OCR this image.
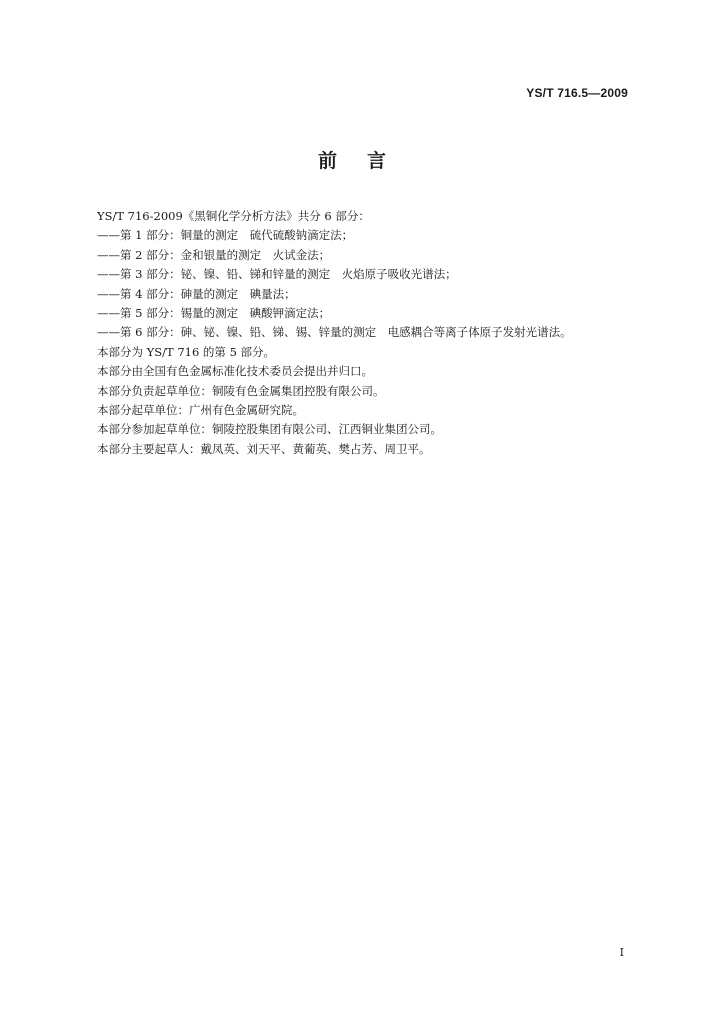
YS/T 716.5—2009
前言
YS/T 716-2009《黑铜化学分析方法》共分 6 部分：
——第 1 部分：铜量的测定　硫代硫酸钠滴定法；
——第 2 部分：金和银量的测定　火试金法；
——第 3 部分：铋、镍、铅、锑和锌量的测定　火焰原子吸收光谱法；
——第 4 部分：砷量的测定　碘量法；
——第 5 部分：锡量的测定　碘酸钾滴定法；
——第 6 部分：砷、铋、镍、铅、锑、锡、锌量的测定　电感耦合等离子体原子发射光谱法。
本部分为 YS/T 716 的第 5 部分。
本部分由全国有色金属标准化技术委员会提出并归口。
本部分负责起草单位：铜陵有色金属集团控股有限公司。
本部分起草单位：广州有色金属研究院。
本部分参加起草单位：铜陵控股集团有限公司、江西铜业集团公司。
本部分主要起草人：戴凤英、刘天平、黄葡英、樊占芳、周卫平。
I
